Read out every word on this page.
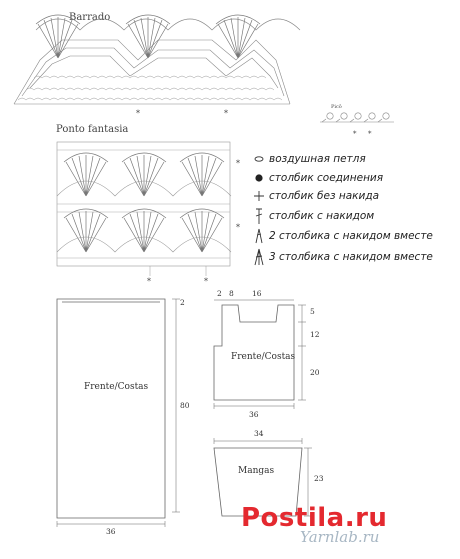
Barrado
Ponto fantasia
Picô
*	*
* *
*
*
*	*
воздушная петля
столбик соединения
столбик без накида
столбик с накидом
2 столбика с накидом вместе
3 столбика с накидом вместе
Frente/Costas
2
80
36
2 8 16
5
12
20
Frente/Costas
36
34
Mangas
23
Postila.ru
Yarnlab.ru
